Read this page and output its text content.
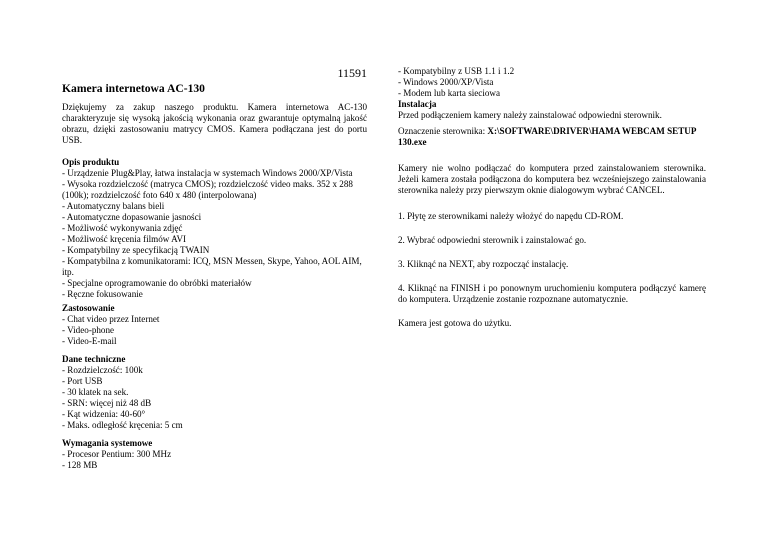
11591
Kamera internetowa AC-130
Dziękujemy za zakup naszego produktu. Kamera internetowa AC-130 charakteryzuje się wysoką jakością wykonania oraz gwarantuje optymalną jakość obrazu, dzięki zastosowaniu matrycy CMOS. Kamera podłączana jest do portu USB.
Opis produktu
- Urządzenie Plug&Play, łatwa instalacja w systemach Windows 2000/XP/Vista
- Wysoka rozdzielczość (matryca CMOS); rozdzielczość video maks. 352 x 288
(100k); rozdzielczość foto 640 x 480 (interpolowana)
- Automatyczny balans bieli
- Automatyczne dopasowanie jasności
- Możliwość wykonywania zdjęć
- Możliwość kręcenia filmów AVI
- Kompatybilny ze specyfikacją TWAIN
- Kompatybilna z komunikatorami: ICQ, MSN Messen, Skype, Yahoo, AOL AIM,
itp.
- Specjalne oprogramowanie do obróbki materiałów
- Ręczne fokusowanie
Zastosowanie
- Chat video przez Internet
- Video-phone
- Video-E-mail
Dane techniczne
- Rozdzielczość: 100k
- Port USB
- 30 klatek na sek.
- SRN: więcej niż 48 dB
- Kąt widzenia: 40-60°
- Maks. odległość kręcenia: 5 cm
Wymagania systemowe
- Procesor Pentium: 300 MHz
- 128 MB
- Kompatybilny z USB 1.1 i 1.2
- Windows 2000/XP/Vista
- Modem lub karta sieciowa
Instalacja
Przed podłączeniem kamery należy zainstalować odpowiedni sterownik.
Oznaczenie sterownika: X:\SOFTWARE\DRIVER\HAMA WEBCAM SETUP
130.exe
Kamery nie wolno podłączać do komputera przed zainstalowaniem sterownika. Jeżeli kamera została podłączona do komputera bez wcześniejszego zainstalowania sterownika należy przy pierwszym oknie dialogowym wybrać CANCEL.
1. Płytę ze sterownikami należy włożyć do napędu CD-ROM.
2. Wybrać odpowiedni sterownik i zainstalować go.
3. Kliknąć na NEXT, aby rozpocząć instalację.
4. Kliknąć na FINISH i po ponownym uruchomieniu komputera podłączyć kamerę do komputera. Urządzenie zostanie rozpoznane automatycznie.
Kamera jest gotowa do użytku.
